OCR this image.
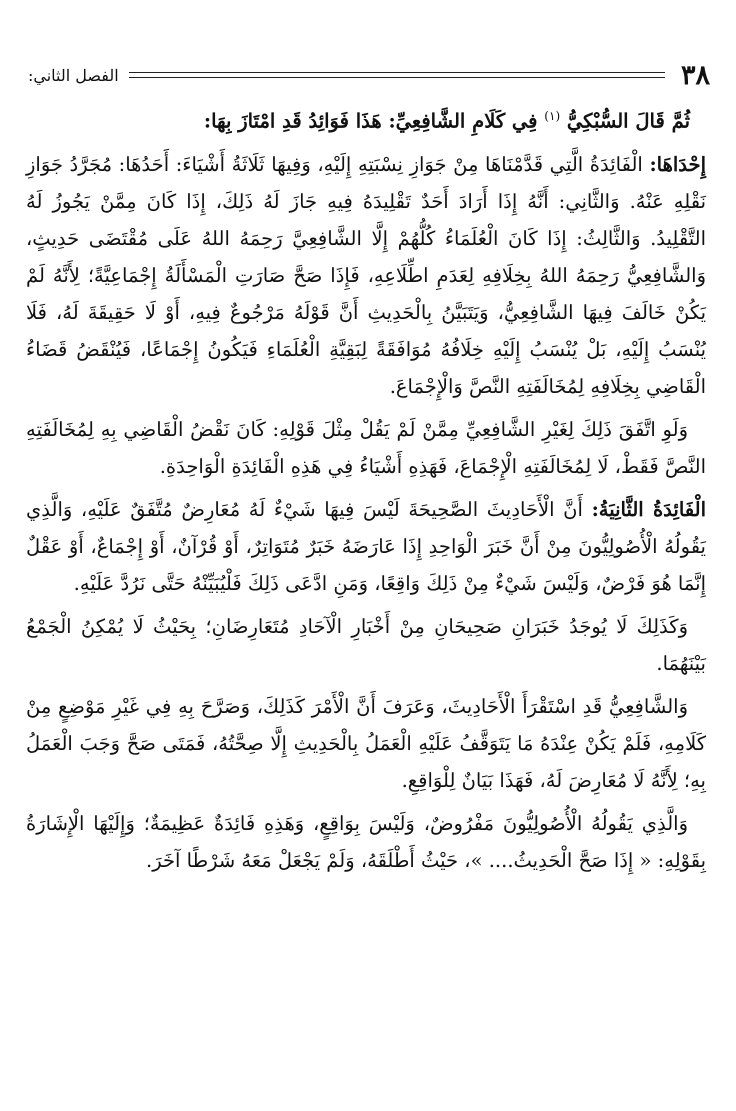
٣٨
الفصل الثاني:

ثُمَّ قَالَ السُّبْكِيُّ $^{(١)}$ فِي كَلَامِ الشَّافِعِيِّ: هَذَا فَوَائِدُ قَدِ امْتَازَ بِهَا:

إِحْدَاهَا: الْفَائِدَةُ الَّتِي قَدَّمْنَاهَا مِنْ جَوَازِ نِسْبَتِهِ إِلَيْهِ، وَفِيهَا ثَلَاثَةُ أَشْيَاءَ: أَحَدُهَا: مُجَرَّدُ جَوَازِ نَقْلِهِ عَنْهُ. وَالثَّانِي: أَنَّهُ إِذَا أَرَادَ أَحَدٌ تَقْلِيدَهُ فِيهِ جَازَ لَهُ ذَلِكَ، إِذَا كَانَ مِمَّنْ يَجُوزُ لَهُ التَّقْلِيدُ. وَالثَّالِثُ: إِذَا كَانَ الْعُلَمَاءُ كُلُّهُمْ إِلَّا الشَّافِعِيَّ رَحِمَهُ اللهُ عَلَى مُقْتَضَى حَدِيثٍ، وَالشَّافِعِيُّ رَحِمَهُ اللهُ بِخِلَافِهِ لِعَدَمِ اطِّلَاعِهِ، فَإِذَا صَحَّ صَارَتِ الْمَسْأَلَةُ إِجْمَاعِيَّةً؛ لِأَنَّهُ لَمْ يَكُنْ خَالَفَ فِيهَا الشَّافِعِيُّ، وَيَتَبَيَّنُ بِالْحَدِيثِ أَنَّ قَوْلَهُ مَرْجُوعٌ فِيهِ، أَوْ لَا حَقِيقَةَ لَهُ، فَلَا يُنْسَبُ إِلَيْهِ، بَلْ يُنْسَبُ إِلَيْهِ خِلَافُهُ مُوَافَقَةً لِبَقِيَّةِ الْعُلَمَاءِ فَيَكُونُ إِجْمَاعًا، فَيُنْقَضُ قَضَاءُ الْقَاضِي بِخِلَافِهِ لِمُخَالَفَتِهِ النَّصَّ وَالْإِجْمَاعَ.

وَلَوِ اتَّفَقَ ذَلِكَ لِغَيْرِ الشَّافِعِيِّ مِمَّنْ لَمْ يَقُلْ مِثْلَ قَوْلِهِ: كَانَ نَقْضُ الْقَاضِي بِهِ لِمُخَالَفَتِهِ النَّصَّ فَقَطْ، لَا لِمُخَالَفَتِهِ الْإِجْمَاعَ، فَهَذِهِ أَشْيَاءُ فِي هَذِهِ الْفَائِدَةِ الْوَاحِدَةِ.

الْفَائِدَةُ الثَّانِيَةُ: أَنَّ الْأَحَادِيثَ الصَّحِيحَةَ لَيْسَ فِيهَا شَيْءٌ لَهُ مُعَارِضٌ مُتَّفَقٌ عَلَيْهِ، وَالَّذِي يَقُولُهُ الْأُصُولِيُّونَ مِنْ أَنَّ خَبَرَ الْوَاحِدِ إِذَا عَارَضَهُ خَبَرٌ مُتَوَاتِرٌ، أَوْ قُرْآنٌ، أَوْ إِجْمَاعٌ، أَوْ عَقْلٌ إِنَّمَا هُوَ فَرْضٌ، وَلَيْسَ شَيْءٌ مِنْ ذَلِكَ وَاقِعًا، وَمَنِ ادَّعَى ذَلِكَ فَلْيُبَيِّنْهُ حَتَّى نَرُدَّ عَلَيْهِ.

وَكَذَلِكَ لَا يُوجَدُ خَبَرَانِ صَحِيحَانِ مِنْ أَخْبَارِ الْآحَادِ مُتَعَارِضَانِ؛ بِحَيْثُ لَا يُمْكِنُ الْجَمْعُ بَيْنَهُمَا.

وَالشَّافِعِيُّ قَدِ اسْتَقْرَأَ الْأَحَادِيثَ، وَعَرَفَ أَنَّ الْأَمْرَ كَذَلِكَ، وَصَرَّحَ بِهِ فِي غَيْرِ مَوْضِعٍ مِنْ كَلَامِهِ، فَلَمْ يَكُنْ عِنْدَهُ مَا يَتَوَقَّفُ عَلَيْهِ الْعَمَلُ بِالْحَدِيثِ إِلَّا صِحَّتُهُ، فَمَتَى صَحَّ وَجَبَ الْعَمَلُ بِهِ؛ لِأَنَّهُ لَا مُعَارِضَ لَهُ، فَهَذَا بَيَانٌ لِلْوَاقِعِ.

وَالَّذِي يَقُولُهُ الْأُصُولِيُّونَ مَفْرُوضٌ، وَلَيْسَ بِوَاقِعٍ، وَهَذِهِ فَائِدَةٌ عَظِيمَةٌ؛ وَإِلَيْهَا الْإِشَارَةُ بِقَوْلِهِ: « إِذَا صَحَّ الْحَدِيثُ.... »، حَيْثُ أَطْلَقَهُ، وَلَمْ يَجْعَلْ مَعَهُ شَرْطًا آخَرَ.
